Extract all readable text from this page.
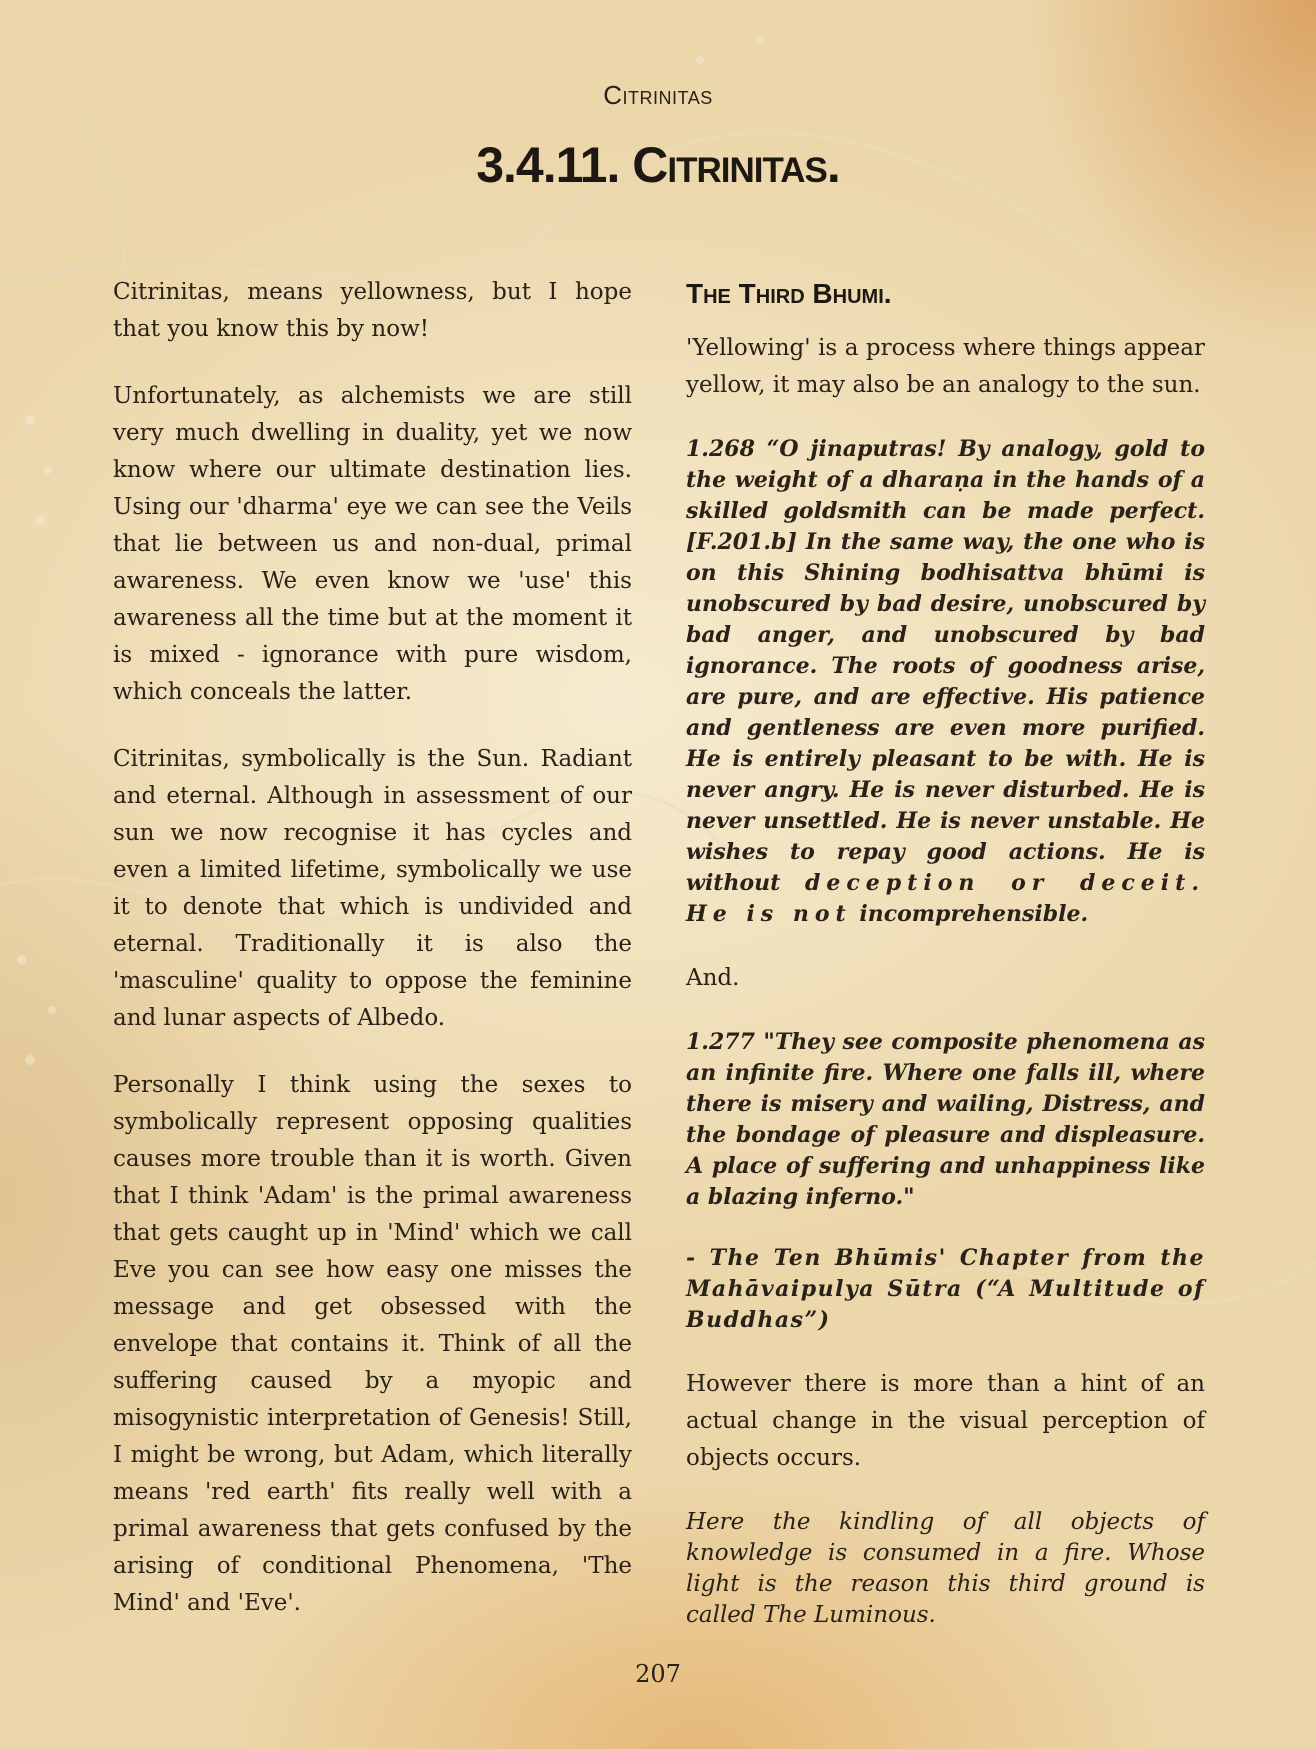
Citrinitas
3.4.11. Citrinitas.

Citrinitas, means yellowness, but I hope that you know this by now!

Unfortunately, as alchemists we are still very much dwelling in duality, yet we now know where our ultimate destination lies. Using our 'dharma' eye we can see the Veils that lie between us and non-dual, primal awareness. We even know we 'use' this awareness all the time but at the moment it is mixed - ignorance with pure wisdom, which conceals the latter.

Citrinitas, symbolically is the Sun. Radiant and eternal. Although in assessment of our sun we now recognise it has cycles and even a limited lifetime, symbolically we use it to denote that which is undivided and eternal. Traditionally it is also the 'masculine' quality to oppose the feminine and lunar aspects of Albedo.

Personally I think using the sexes to symbolically represent opposing qualities causes more trouble than it is worth. Given that I think 'Adam' is the primal awareness that gets caught up in 'Mind' which we call Eve you can see how easy one misses the message and get obsessed with the envelope that contains it. Think of all the suffering caused by a myopic and misogynistic interpretation of Genesis! Still, I might be wrong, but Adam, which literally means 'red earth' fits really well with a primal awareness that gets confused by the arising of conditional Phenomena, 'The Mind' and 'Eve'.

The Third Bhumi.

'Yellowing' is a process where things appear yellow, it may also be an analogy to the sun.

1.268 “O jinaputras! By analogy, gold to the weight of a dharaṇa in the hands of a skilled goldsmith can be made perfect. [F.201.b] In the same way, the one who is on this Shining bodhisattva bhūmi is unobscured by bad desire, unobscured by bad anger, and unobscured by bad ignorance. The roots of goodness arise, are pure, and are effective. His patience and gentleness are even more purified. He is entirely pleasant to be with. He is never angry. He is never disturbed. He is never unsettled. He is never unstable. He wishes to repay good actions. He is without deception or deceit. He is not incomprehensible.

And.

1.277 "They see composite phenomena as an infinite fire. Where one falls ill, where there is misery and wailing, Distress, and the bondage of pleasure and displeasure. A place of suffering and unhappiness like a blazing inferno."

- The Ten Bhūmis' Chapter from the Mahāvaipulya Sūtra (“A Multitude of Buddhas”)

However there is more than a hint of an actual change in the visual perception of objects occurs.

Here the kindling of all objects of knowledge is consumed in a fire. Whose light is the reason this third ground is called The Luminous.

207
